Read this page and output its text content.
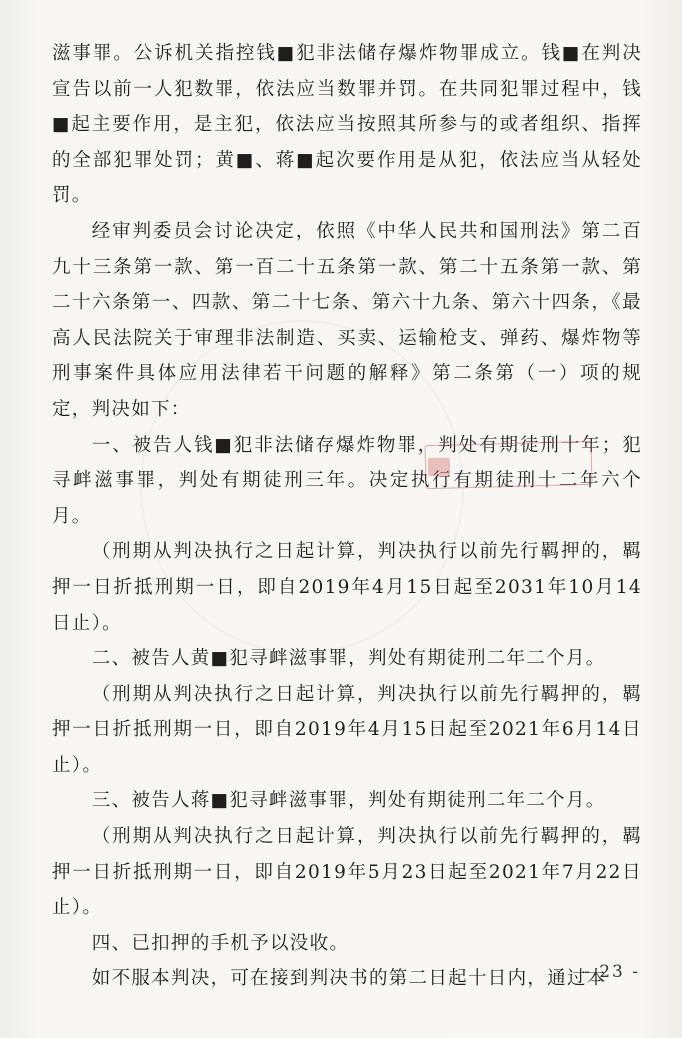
滋事罪。公诉机关指控钱■犯非法储存爆炸物罪成立。钱■在判决宣告以前一人犯数罪，依法应当数罪并罚。在共同犯罪过程中，钱■起主要作用，是主犯，依法应当按照其所参与的或者组织、指挥的全部犯罪处罚；黄■、蒋■起次要作用是从犯，依法应当从轻处罚。

经审判委员会讨论决定，依照《中华人民共和国刑法》第二百九十三条第一款、第一百二十五条第一款、第二十五条第一款、第二十六条第一、四款、第二十七条、第六十九条、第六十四条，《最高人民法院关于审理非法制造、买卖、运输枪支、弹药、爆炸物等刑事案件具体应用法律若干问题的解释》第二条第（一）项的规定，判决如下：

一、被告人钱■犯非法储存爆炸物罪，判处有期徒刑十年；犯寻衅滋事罪，判处有期徒刑三年。决定执行有期徒刑十二年六个月。

（刑期从判决执行之日起计算，判决执行以前先行羁押的，羁押一日折抵刑期一日，即自2019年4月15日起至2031年10月14日止）。

二、被告人黄■犯寻衅滋事罪，判处有期徒刑二年二个月。

（刑期从判决执行之日起计算，判决执行以前先行羁押的，羁押一日折抵刑期一日，即自2019年4月15日起至2021年6月14日止）。

三、被告人蒋■犯寻衅滋事罪，判处有期徒刑二年二个月。

（刑期从判决执行之日起计算，判决执行以前先行羁押的，羁押一日折抵刑期一日，即自2019年5月23日起至2021年7月22日止）。

四、已扣押的手机予以没收。

如不服本判决，可在接到判决书的第二日起十日内，通过本

- 23 -
